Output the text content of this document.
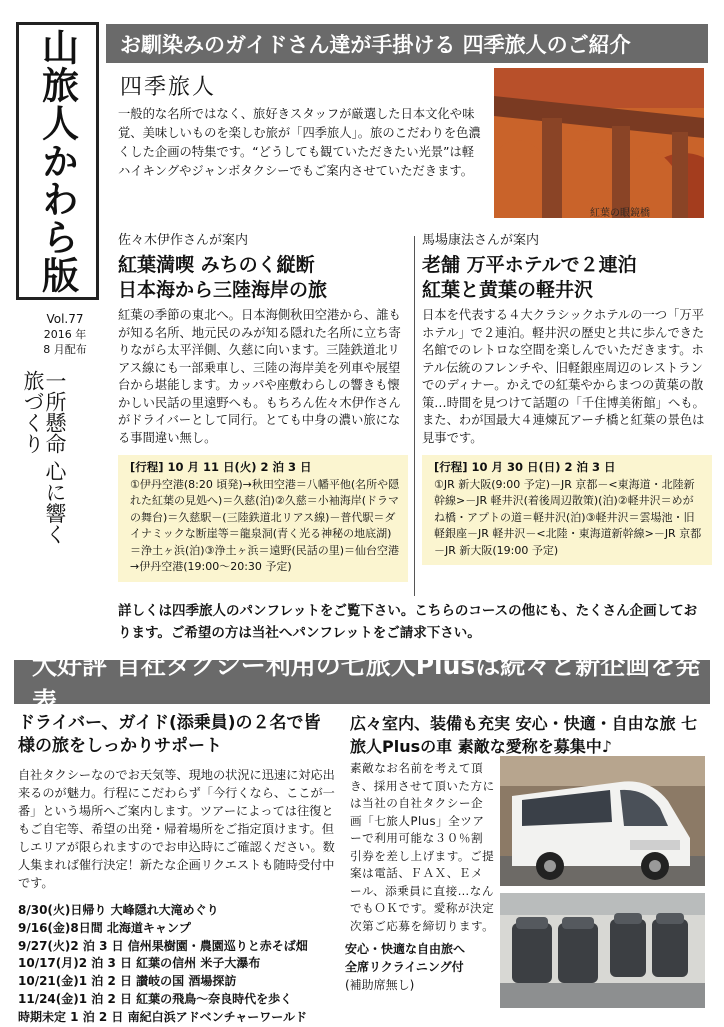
山旅人かわら版
Vol.77
2016 年
8 月配布
一所懸命 心に響く 旅づくり
お馴染みのガイドさん達が手掛ける 四季旅人のご紹介
四季旅人
一般的な名所ではなく、旅好きスタッフが厳選した日本文化や味覚、美味しいものを楽しむ旅が「四季旅人」。旅のこだわりを色濃くした企画の特集です。“どうしても観ていただきたい光景”は軽ハイキングやジャンボタクシーでもご案内させていただきます。
紅葉の眼鏡橋
佐々木伊作さんが案内
紅葉満喫 みちのく縦断
日本海から三陸海岸の旅
紅葉の季節の東北へ。日本海側秋田空港から、誰もが知る名所、地元民のみが知る隠れた名所に立ち寄りながら太平洋側、久慈に向います。三陸鉄道北リアス線にも一部乗車し、三陸の海岸美を列車や展望台から堪能します。カッパや座敷わらしの響きも懐かしい民話の里遠野へも。もちろん佐々木伊作さんがドライバーとして同行。とても中身の濃い旅になる事間違い無し。
[行程] 10 月 11 日(火) 2 泊 3 日
①伊丹空港(8:20 頃発)→秋田空港＝八幡平他(名所や隠れた紅葉の見処へ)＝久慈(泊)②久慈＝小袖海岸(ドラマの舞台)＝久慈駅－(三陸鉄道北リアス線)－普代駅＝ダイナミックな断崖等＝龍泉洞(青く光る神秘の地底湖)＝浄土ヶ浜(泊)③浄土ヶ浜＝遠野(民話の里)＝仙台空港→伊丹空港(19:00～20:30 予定)
馬場康法さんが案内
老舗 万平ホテルで２連泊
紅葉と黄葉の軽井沢
日本を代表する４大クラシックホテルの一つ「万平ホテル」で２連泊。軽井沢の歴史と共に歩んできた名館でのレトロな空間を楽しんでいただきます。ホテル伝統のフレンチや、旧軽銀座周辺のレストランでのディナー。かえでの紅葉やからまつの黄葉の散策…時間を見つけて話題の「千住博美術館」へも。また、わが国最大４連煉瓦アーチ橋と紅葉の景色は見事です。
[行程] 10 月 30 日(日) 2 泊 3 日
①JR 新大阪(9:00 予定)－JR 京都－<東海道・北陸新幹線>－JR 軽井沢(着後周辺散策)(泊)②軽井沢＝めがね橋・アプトの道＝軽井沢(泊)③軽井沢＝雲場池・旧軽銀座－JR 軽井沢－<北陸・東海道新幹線>－JR 京都－JR 新大阪(19:00 予定)
詳しくは四季旅人のパンフレットをご覧下さい。こちらのコースの他にも、たくさん企画しております。ご希望の方は当社へパンフレットをご請求下さい。
大好評 自社タクシー利用の七旅人Plusは続々と新企画を発表
ドライバー、ガイド(添乗員)の２名で皆様の旅をしっかりサポート
自社タクシーなのでお天気等、現地の状況に迅速に対応出来るのが魅力。行程にこだわらず「今行くなら、ここが一番」という場所へご案内します。ツアーによっては往復ともご自宅等、希望の出発・帰着場所をご指定頂けます。但しエリアが限られますのでお申込時にご確認ください。数人集まれば催行決定！新たな企画リクエストも随時受付中です。
8/30(火)日帰り 大峰隠れ大滝めぐり
9/16(金)8日間 北海道キャンプ
9/27(火)2 泊 3 日 信州果樹園・農園巡りと赤そば畑
10/17(月)2 泊 3 日 紅葉の信州 米子大瀑布
10/21(金)1 泊 2 日 讃岐の国 酒場探訪
11/24(金)1 泊 2 日 紅葉の飛鳥～奈良時代を歩く
時期未定 1 泊 2 日 南紀白浜アドベンチャーワールド
広々室内、装備も充実 安心・快適・自由な旅 七旅人Plusの車 素敵な愛称を募集中♪
素敵なお名前を考えて頂き、採用させて頂いた方には当社の自社タクシー企画「七旅人Plus」全ツアーで利用可能な３０％割引券を差し上げます。ご提案は電話、ＦＡＸ、Ｅメール、添乗員に直接…なんでもＯＫです。愛称が決定次第ご応募を締切ります。
安心・快適な自由旅へ
全席リクライニング付
(補助席無し)
